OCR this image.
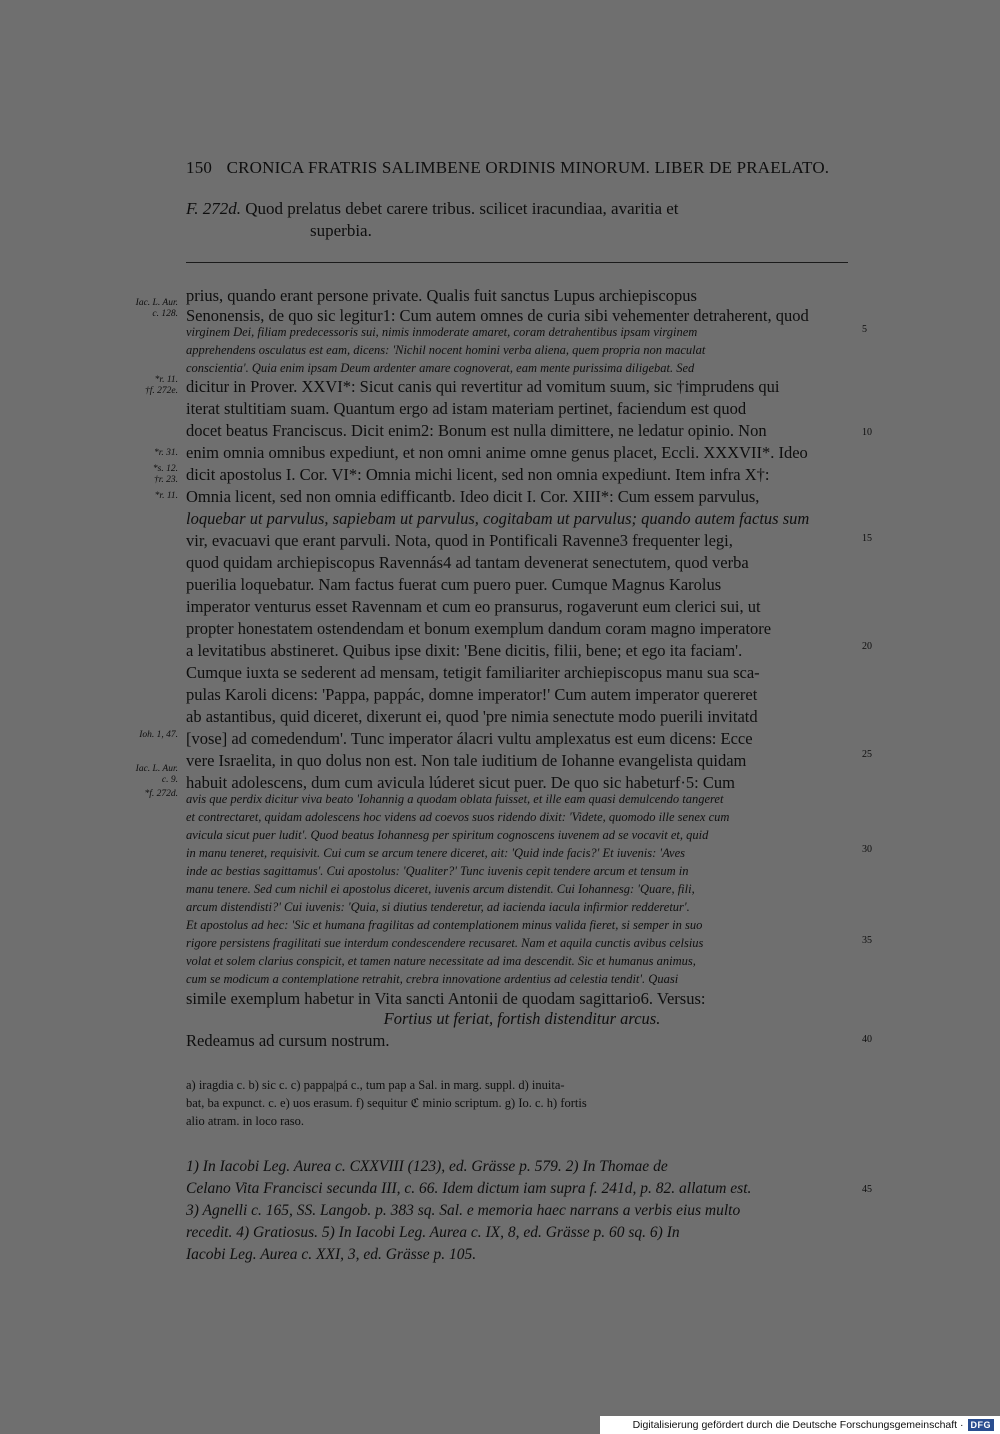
150 CRONICA FRATRIS SALIMBENE ORDINIS MINORUM. LIBER DE PRAELATO.
F. 272d. Quod prelatus debet carere tribus. scilicet iracundiaa, avaritia et
superbia.
Iac. L. Aur.
c. 128.
*r. 11.
†f. 272e.
*r. 31.
*s. 12.
†r. 23.
*r. 11.
Ioh. 1, 47.
Iac. L. Aur.
c. 9.
*f. 272d.
5
10
15
20
25
30
35
40
45
prius, quando erant persone private. Qualis fuit sanctus Lupus archiepiscopus
Senonensis, de quo sic legitur1: Cum autem omnes de curia sibi vehementer detraherent, quod
virginem Dei, filiam predecessoris sui, nimis inmoderate amaret, coram detrahentibus ipsam virginem
apprehendens osculatus est eam, dicens: 'Nichil nocent homini verba aliena, quem propria non maculat
conscientia'. Quia enim ipsam Deum ardenter amare cognoverat, eam mente purissima diligebat. Sed
dicitur in Prover. XXVI*: Sicut canis qui revertitur ad vomitum suum, sic †imprudens qui
iterat stultitiam suam. Quantum ergo ad istam materiam pertinet, faciendum est quod
docet beatus Franciscus. Dicit enim2: Bonum est nulla dimittere, ne ledatur opinio. Non
enim omnia omnibus expediunt, et non omni anime omne genus placet, Eccli. XXXVII*. Ideo
dicit apostolus I. Cor. VI*: Omnia michi licent, sed non omnia expediunt. Item infra X†:
Omnia licent, sed non omnia edifficantb. Ideo dicit I. Cor. XIII*: Cum essem parvulus,
loquebar ut parvulus, sapiebam ut parvulus, cogitabam ut parvulus; quando autem factus sum
vir, evacuavi que erant parvuli. Nota, quod in Pontificali Ravenne3 frequenter legi,
quod quidam archiepiscopus Ravennás4 ad tantam devenerat senectutem, quod verba
puerilia loquebatur. Nam factus fuerat cum puero puer. Cumque Magnus Karolus
imperator venturus esset Ravennam et cum eo pransurus, rogaverunt eum clerici sui, ut
propter honestatem ostendendam et bonum exemplum dandum coram magno imperatore
a levitatibus abstineret. Quibus ipse dixit: 'Bene dicitis, filii, bene; et ego ita faciam'.
Cumque iuxta se sederent ad mensam, tetigit familiariter archiepiscopus manu sua sca-
pulas Karoli dicens: 'Pappa, pappác, domne imperator!' Cum autem imperator quereret
ab astantibus, quid diceret, dixerunt ei, quod 'pre nimia senectute modo puerili invitatd
[vose] ad comedendum'. Tunc imperator álacri vultu amplexatus est eum dicens: Ecce
vere Israelita, in quo dolus non est. Non tale iuditium de Iohanne evangelista quidam
habuit adolescens, dum cum avicula lúderet sicut puer. De quo sic habeturf·5: Cum
avis que perdix dicitur viva beato 'Iohannig a quodam oblata fuisset, et ille eam quasi demulcendo tangeret
et contrectaret, quidam adolescens hoc videns ad coevos suos ridendo dixit: 'Videte, quomodo ille senex cum
avicula sicut puer ludit'. Quod beatus Iohannesg per spiritum cognoscens iuvenem ad se vocavit et, quid
in manu teneret, requisivit. Cui cum se arcum tenere diceret, ait: 'Quid inde facis?' Et iuvenis: 'Aves
inde ac bestias sagittamus'. Cui apostolus: 'Qualiter?' Tunc iuvenis cepit tendere arcum et tensum in
manu tenere. Sed cum nichil ei apostolus diceret, iuvenis arcum distendit. Cui Iohannesg: 'Quare, fili,
arcum distendisti?' Cui iuvenis: 'Quia, si diutius tenderetur, ad iacienda iacula infirmior redderetur'.
Et apostolus ad hec: 'Sic et humana fragilitas ad contemplationem minus valida fieret, si semper in suo
rigore persistens fragilitati sue interdum condescendere recusaret. Nam et aquila cunctis avibus celsius
volat et solem clarius conspicit, et tamen nature necessitate ad ima descendit. Sic et humanus animus,
cum se modicum a contemplatione retrahit, crebra innovatione ardentius ad celestia tendit'. Quasi
simile exemplum habetur in Vita sancti Antonii de quodam sagittario6. Versus:
Fortius ut feriat, fortish distenditur arcus.
Redeamus ad cursum nostrum.
a) iragdia c. b) sic c. c) pappa|pá c., tum pap a Sal. in marg. suppl. d) inuita-
bat, ba expunct. c. e) uos erasum. f) sequitur ℭ minio scriptum. g) Io. c. h) fortis
alio atram. in loco raso.
1) In Iacobi Leg. Aurea c. CXXVIII (123), ed. Grässe p. 579. 2) In Thomae de
Celano Vita Francisci secunda III, c. 66. Idem dictum iam supra f. 241d, p. 82. allatum est.
3) Agnelli c. 165, SS. Langob. p. 383 sq. Sal. e memoria haec narrans a verbis eius multo
recedit. 4) Gratiosus. 5) In Iacobi Leg. Aurea c. IX, 8, ed. Grässe p. 60 sq. 6) In
Iacobi Leg. Aurea c. XXI, 3, ed. Grässe p. 105.
Digitalisierung gefördert durch die Deutsche Forschungsgemeinschaft · DFG
